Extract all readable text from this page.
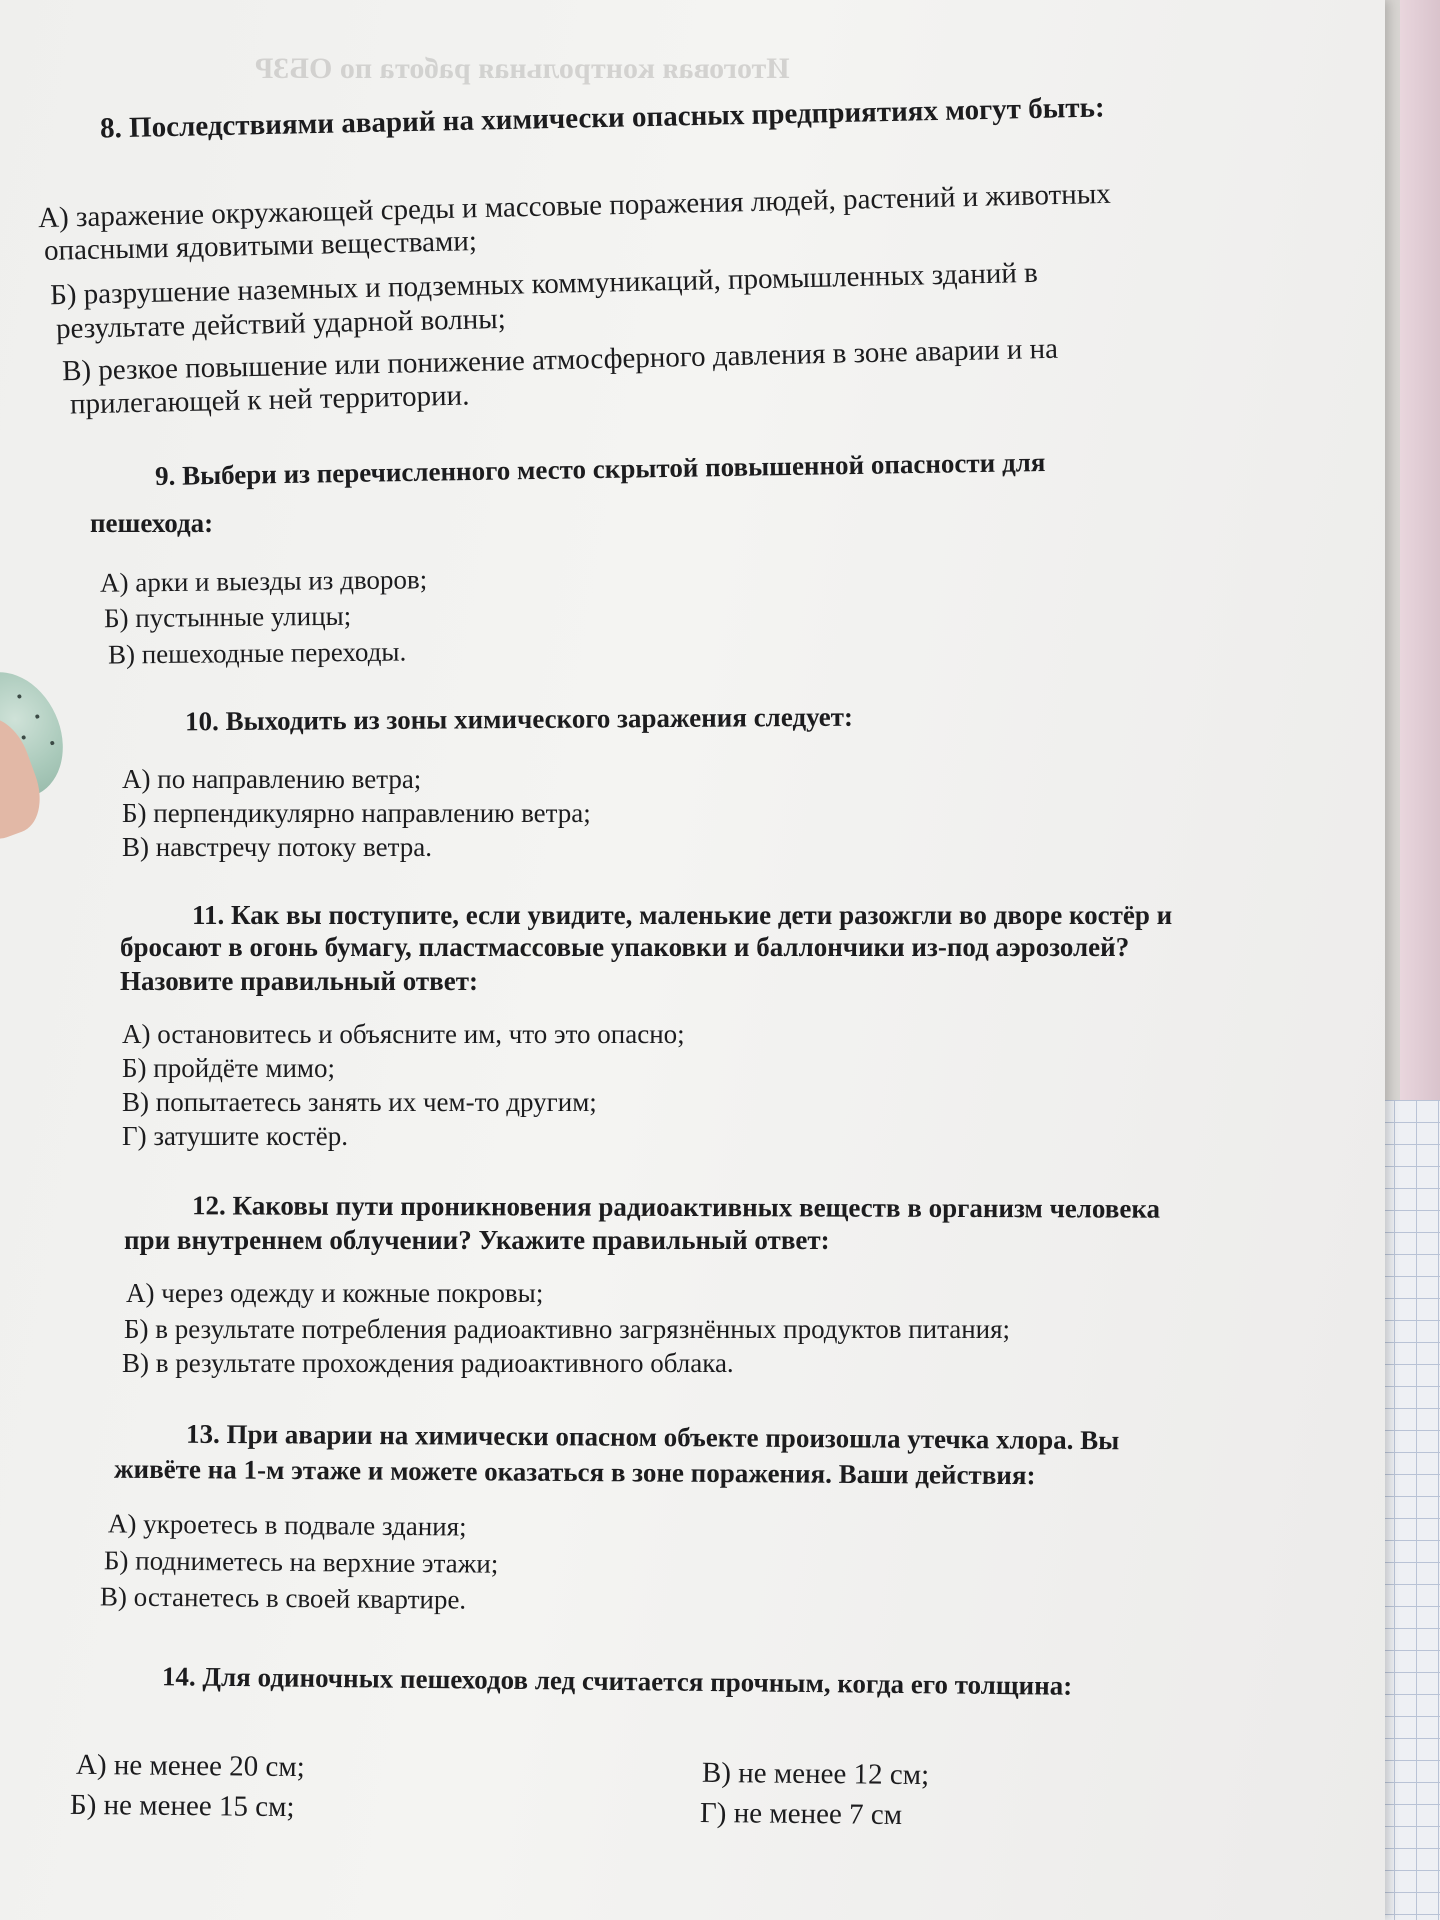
Итоговая контрольная работа по ОБЗР

8. Последствиями аварий на химически опасных предприятиях могут быть:

А) заражение окружающей среды и массовые поражения людей, растений и животных

опасными ядовитыми веществами;

Б) разрушение наземных и подземных коммуникаций, промышленных зданий в

результате действий ударной волны;

В) резкое повышение или понижение атмосферного давления в зоне аварии и на

прилегающей к ней территории.

9. Выбери из перечисленного место скрытой повышенной опасности для

пешехода:

А) арки и выезды из дворов;

Б) пустынные улицы;

В) пешеходные переходы.

10. Выходить из зоны химического заражения следует:

А) по направлению ветра;

Б) перпендикулярно направлению ветра;

В) навстречу потоку ветра.

11. Как вы поступите, если увидите, маленькие дети разожгли во дворе костёр и

бросают в огонь бумагу, пластмассовые упаковки и баллончики из-под аэрозолей?

Назовите правильный ответ:

А) остановитесь и объясните им, что это опасно;

Б) пройдёте мимо;

В) попытаетесь занять их чем-то другим;

Г) затушите костёр.

12. Каковы пути проникновения радиоактивных веществ в организм человека

при внутреннем облучении? Укажите правильный ответ:

А) через одежду и кожные покровы;

Б) в результате потребления радиоактивно загрязнённых продуктов питания;

В) в результате прохождения радиоактивного облака.

13. При аварии на химически опасном объекте произошла утечка хлора. Вы

живёте на 1-м этаже и можете оказаться в зоне поражения. Ваши действия:

А) укроетесь в подвале здания;

Б) подниметесь на верхние этажи;

В) останетесь в своей квартире.

14. Для одиночных пешеходов лед считается прочным, когда его толщина:

А) не менее 20 см;

Б) не менее 15 см;

В) не менее 12 см;

Г) не менее 7 см
